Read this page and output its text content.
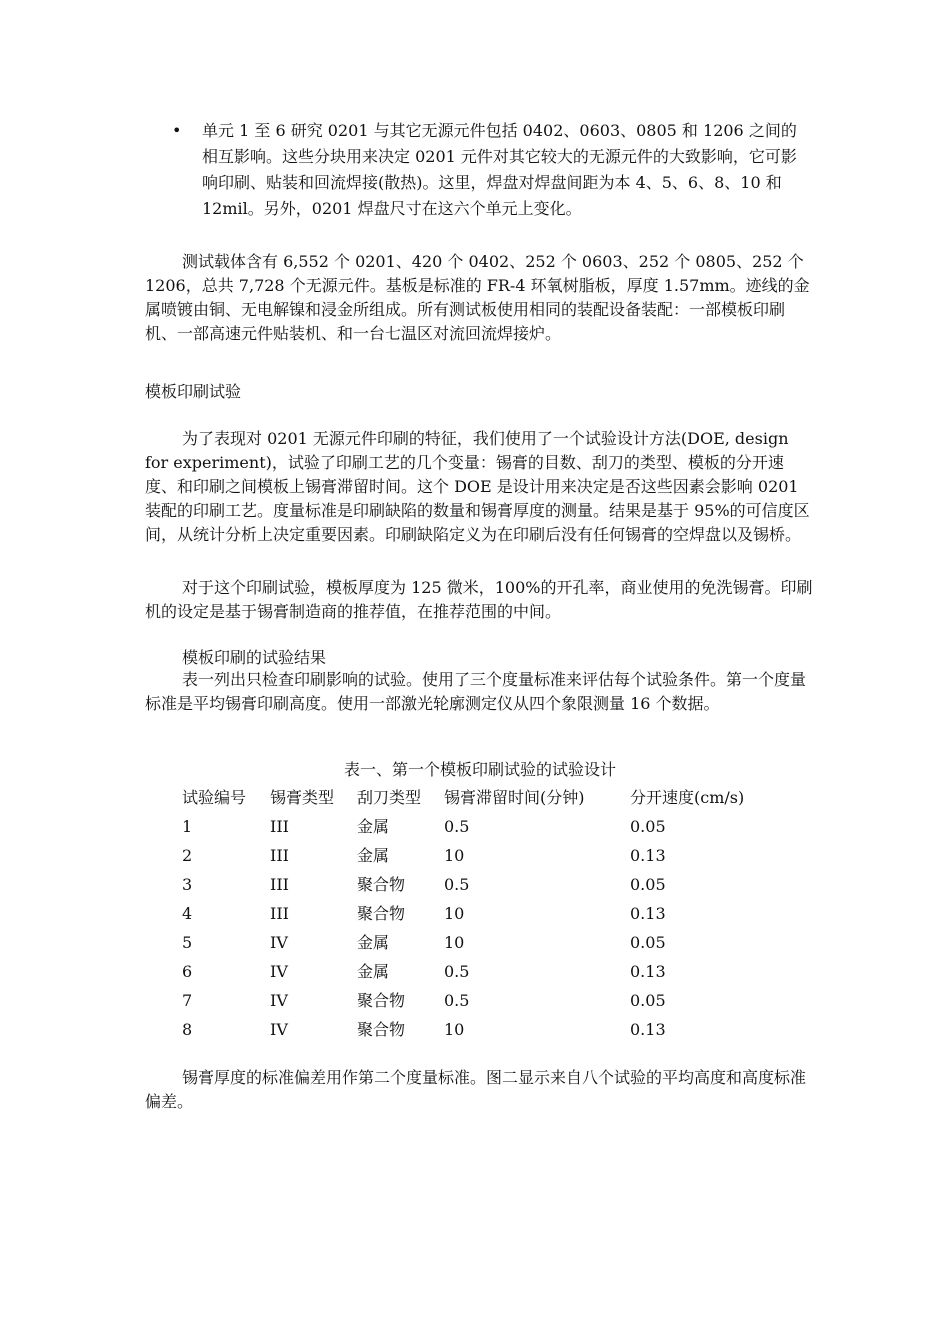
• 单元 1 至 6 研究 0201 与其它无源元件包括 0402、0603、0805 和 1206 之间的相互影响。这些分块用来决定 0201 元件对其它较大的无源元件的大致影响，它可影响印刷、贴装和回流焊接(散热)。这里，焊盘对焊盘间距为本 4、5、6、8、10 和 12mil。另外，0201 焊盘尺寸在这六个单元上变化。
测试载体含有 6,552 个 0201、420 个 0402、252 个 0603、252 个 0805、252 个 1206，总共 7,728 个无源元件。基板是标准的 FR-4 环氧树脂板，厚度 1.57mm。迹线的金属喷镀由铜、无电解镍和浸金所组成。所有测试板使用相同的装配设备装配：一部模板印刷机、一部高速元件贴装机、和一台七温区对流回流焊接炉。
模板印刷试验
为了表现对 0201 无源元件印刷的特征，我们使用了一个试验设计方法(DOE, design for experiment)，试验了印刷工艺的几个变量：锡膏的目数、刮刀的类型、模板的分开速度、和印刷之间模板上锡膏滞留时间。这个 DOE 是设计用来决定是否这些因素会影响 0201 装配的印刷工艺。度量标准是印刷缺陷的数量和锡膏厚度的测量。结果是基于 95%的可信度区间，从统计分析上决定重要因素。印刷缺陷定义为在印刷后没有任何锡膏的空焊盘以及锡桥。
对于这个印刷试验，模板厚度为 125 微米，100%的开孔率，商业使用的免洗锡膏。印刷机的设定是基于锡膏制造商的推荐值，在推荐范围的中间。
模板印刷的试验结果
表一列出只检查印刷影响的试验。使用了三个度量标准来评估每个试验条件。第一个度量标准是平均锡膏印刷高度。使用一部激光轮廓测定仪从四个象限测量 16 个数据。
表一、第一个模板印刷试验的试验设计
试验编号 锡膏类型 刮刀类型 锡膏滞留时间(分钟)	分开速度(cm/s)
1	III	金属	0.5	0.05
2	III	金属	10	0.13
3	III	聚合物 0.5	0.05
4	III	聚合物 10	0.13
5	IV	金属	10	0.05
6	IV	金属	0.5	0.13
7	IV	聚合物 0.5	0.05
8	IV	聚合物 10	0.13
锡膏厚度的标准偏差用作第二个度量标准。图二显示来自八个试验的平均高度和高度标准偏差。
